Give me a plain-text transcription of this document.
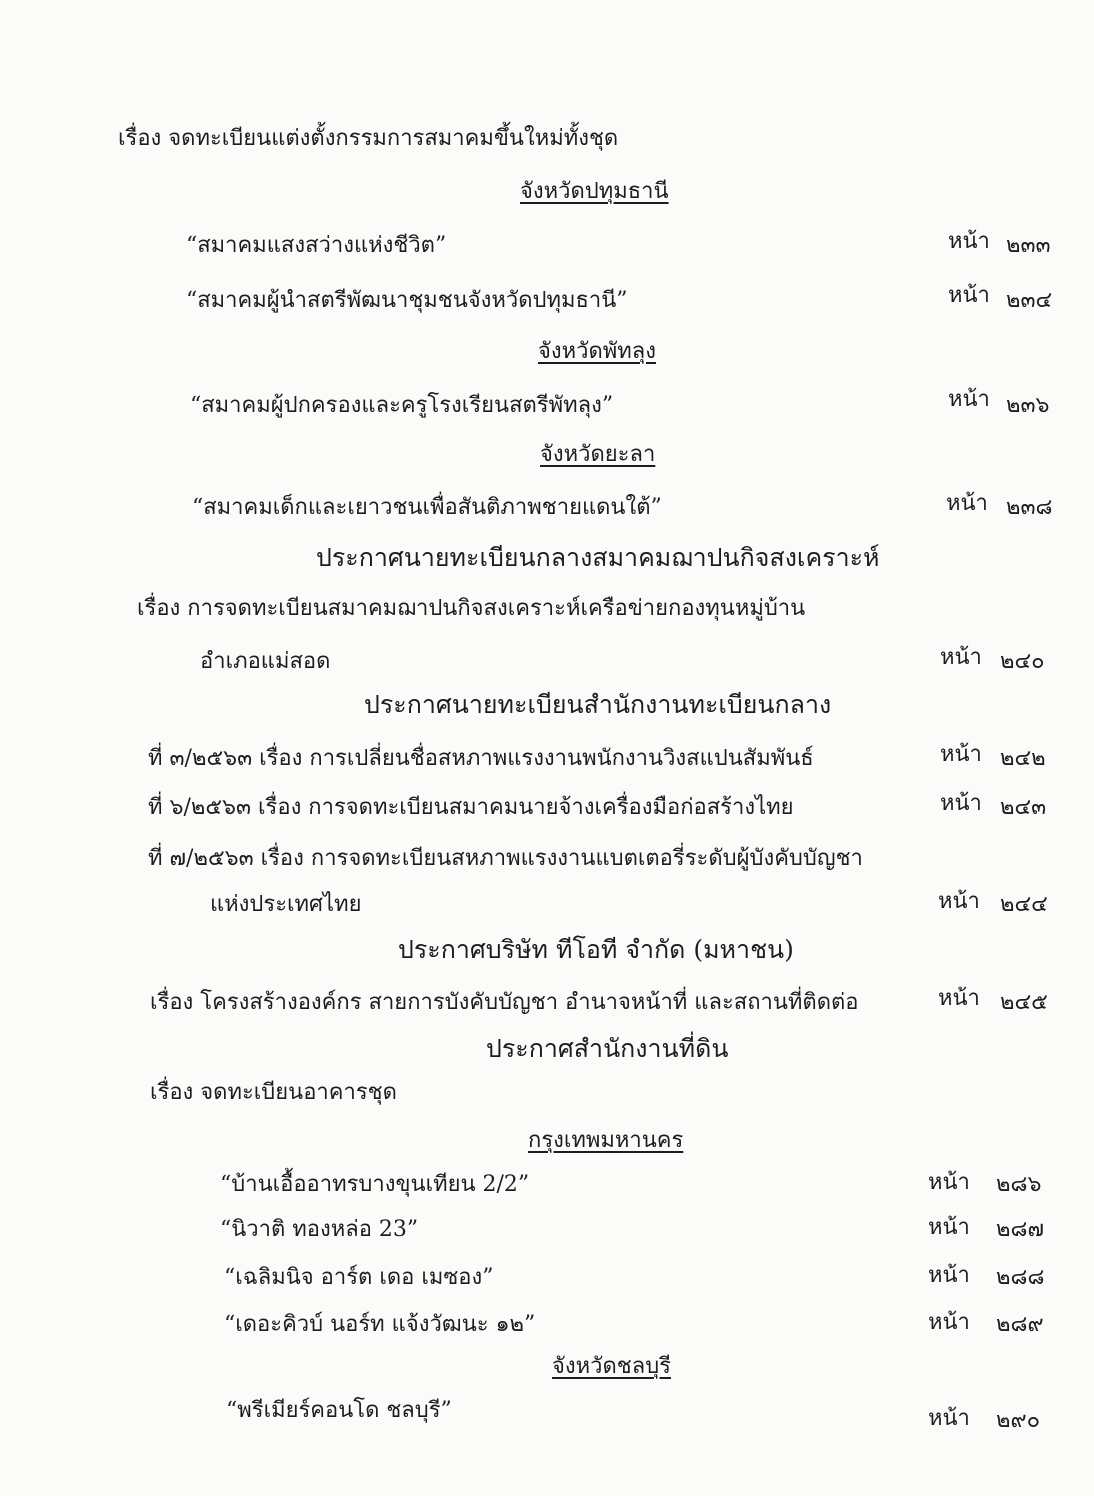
เรื่อง จดทะเบียนแต่งตั้งกรรมการสมาคมขึ้นใหม่ทั้งชุด
จังหวัดปทุมธานี
“สมาคมแสงสว่างแห่งชีวิต”	หน้า ๒๓๓
“สมาคมผู้นำสตรีพัฒนาชุมชนจังหวัดปทุมธานี”	หน้า ๒๓๔
จังหวัดพัทลุง
“สมาคมผู้ปกครองและครูโรงเรียนสตรีพัทลุง”	หน้า ๒๓๖
จังหวัดยะลา
“สมาคมเด็กและเยาวชนเพื่อสันติภาพชายแดนใต้”	หน้า ๒๓๘
ประกาศนายทะเบียนกลางสมาคมฌาปนกิจสงเคราะห์
เรื่อง การจดทะเบียนสมาคมฌาปนกิจสงเคราะห์เครือข่ายกองทุนหมู่บ้าน
อำเภอแม่สอด	หน้า ๒๔๐
ประกาศนายทะเบียนสำนักงานทะเบียนกลาง
ที่ ๓/๒๕๖๓ เรื่อง การเปลี่ยนชื่อสหภาพแรงงานพนักงานวิงสแปนสัมพันธ์	หน้า ๒๔๒
ที่ ๖/๒๕๖๓ เรื่อง การจดทะเบียนสมาคมนายจ้างเครื่องมือก่อสร้างไทย	หน้า ๒๔๓
ที่ ๗/๒๕๖๓ เรื่อง การจดทะเบียนสหภาพแรงงานแบตเตอรี่ระดับผู้บังคับบัญชา
แห่งประเทศไทย	หน้า ๒๔๔
ประกาศบริษัท ทีโอที จำกัด (มหาชน)
เรื่อง โครงสร้างองค์กร สายการบังคับบัญชา อำนาจหน้าที่ และสถานที่ติดต่อ	หน้า ๒๔๕
ประกาศสำนักงานที่ดิน
เรื่อง จดทะเบียนอาคารชุด
กรุงเทพมหานคร
“บ้านเอื้ออาทรบางขุนเทียน 2/2”	หน้า ๒๘๖
“นิวาติ ทองหล่อ 23”	หน้า ๒๘๗
“เฉลิมนิจ อาร์ต เดอ เมซอง”	หน้า ๒๘๘
“เดอะคิวบ์ นอร์ท แจ้งวัฒนะ ๑๒”	หน้า ๒๘๙
จังหวัดชลบุรี
“พรีเมียร์คอนโด ชลบุรี”	หน้า ๒๙๐
